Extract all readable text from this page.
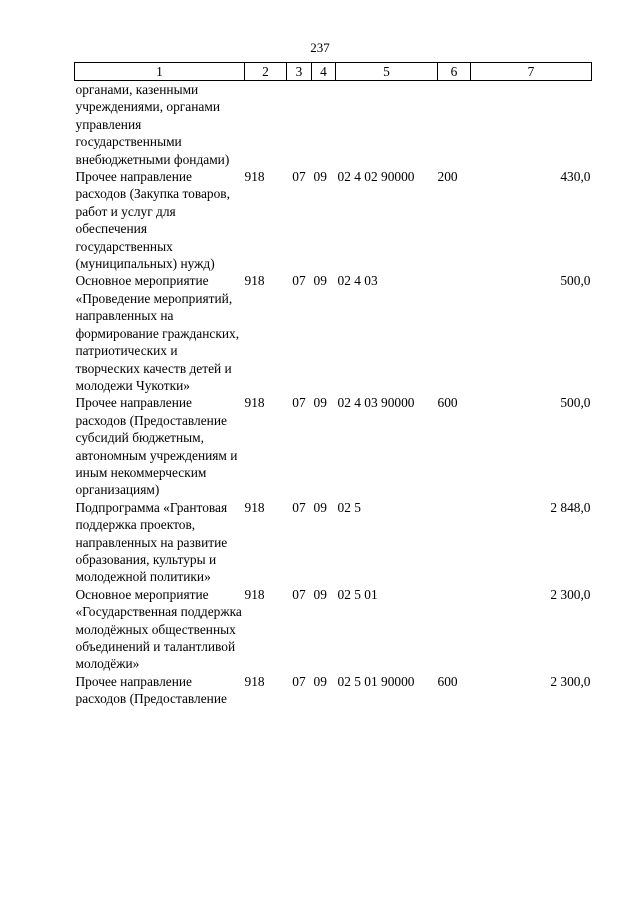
237
1	2	3	4	5	6	7
органами, казенными учреждениями, органами управления государственными внебюджетными фондами)						
Прочее направление расходов (Закупка товаров, работ и услуг для обеспечения государственных (муниципальных) нужд)	918	07	09	02 4 02 90000	200	430,0
Основное мероприятие «Проведение мероприятий, направленных на формирование гражданских, патриотических и творческих качеств детей и молодежи Чукотки»	918	07	09	02 4 03		500,0
Прочее направление расходов (Предоставление субсидий бюджетным, автономным учреждениям и иным некоммерческим организациям)	918	07	09	02 4 03 90000	600	500,0
Подпрограмма «Грантовая поддержка проектов, направленных на развитие образования, культуры и молодежной политики»	918	07	09	02 5		2 848,0
Основное мероприятие «Государственная поддержка молодёжных общественных объединений и талантливой молодёжи»	918	07	09	02 5 01		2 300,0
Прочее направление расходов (Предоставление	918	07	09	02 5 01 90000	600	2 300,0
